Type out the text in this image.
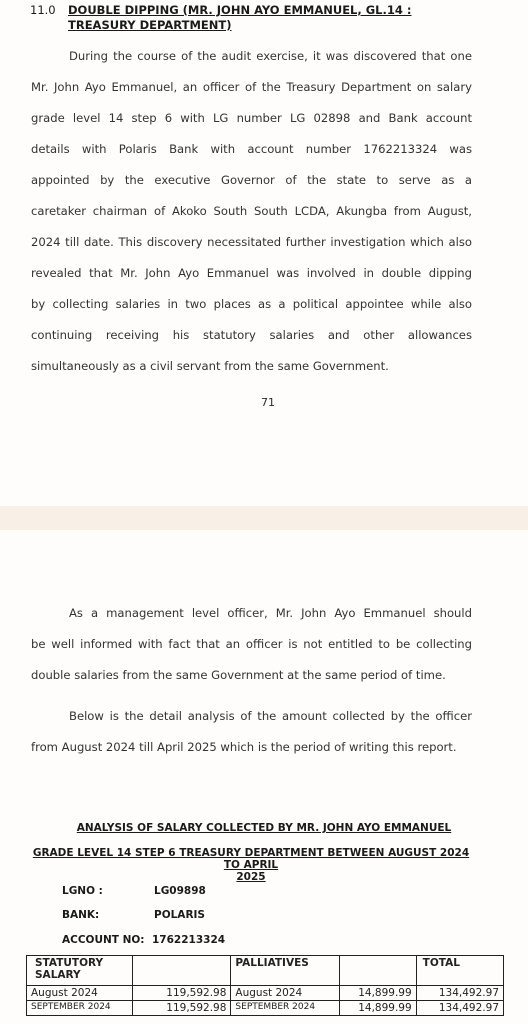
11.0 DOUBLE DIPPING (MR. JOHN AYO EMMANUEL, GL.14 :
TREASURY DEPARTMENT)
During the course of the audit exercise, it was discovered that one
Mr. John Ayo Emmanuel, an officer of the Treasury Department on salary
grade level 14 step 6 with LG number LG 02898 and Bank account
details with Polaris Bank with account number 1762213324 was
appointed by the executive Governor of the state to serve as a
caretaker chairman of Akoko South South LCDA, Akungba from August,
2024 till date. This discovery necessitated further investigation which also
revealed that Mr. John Ayo Emmanuel was involved in double dipping
by collecting salaries in two places as a political appointee while also
continuing receiving his statutory salaries and other allowances
simultaneously as a civil servant from the same Government.
71
As a management level officer, Mr. John Ayo Emmanuel should
be well informed with fact that an officer is not entitled to be collecting
double salaries from the same Government at the same period of time.
Below is the detail analysis of the amount collected by the officer
from August 2024 till April 2025 which is the period of writing this report.
ANALYSIS OF SALARY COLLECTED BY MR. JOHN AYO EMMANUEL
GRADE LEVEL 14 STEP 6 TREASURY DEPARTMENT BETWEEN AUGUST 2024 TO APRIL
2025
LGNO :	LG09898
BANK:	POLARIS
ACCOUNT NO: 1762213324
STATUTORY SALARY		PALLIATIVES		TOTAL
August 2024	119,592.98	August 2024	14,899.99	134,492.97
SEPTEMBER 2024	119,592.98	SEPTEMBER 2024	14,899.99	134,492.97
